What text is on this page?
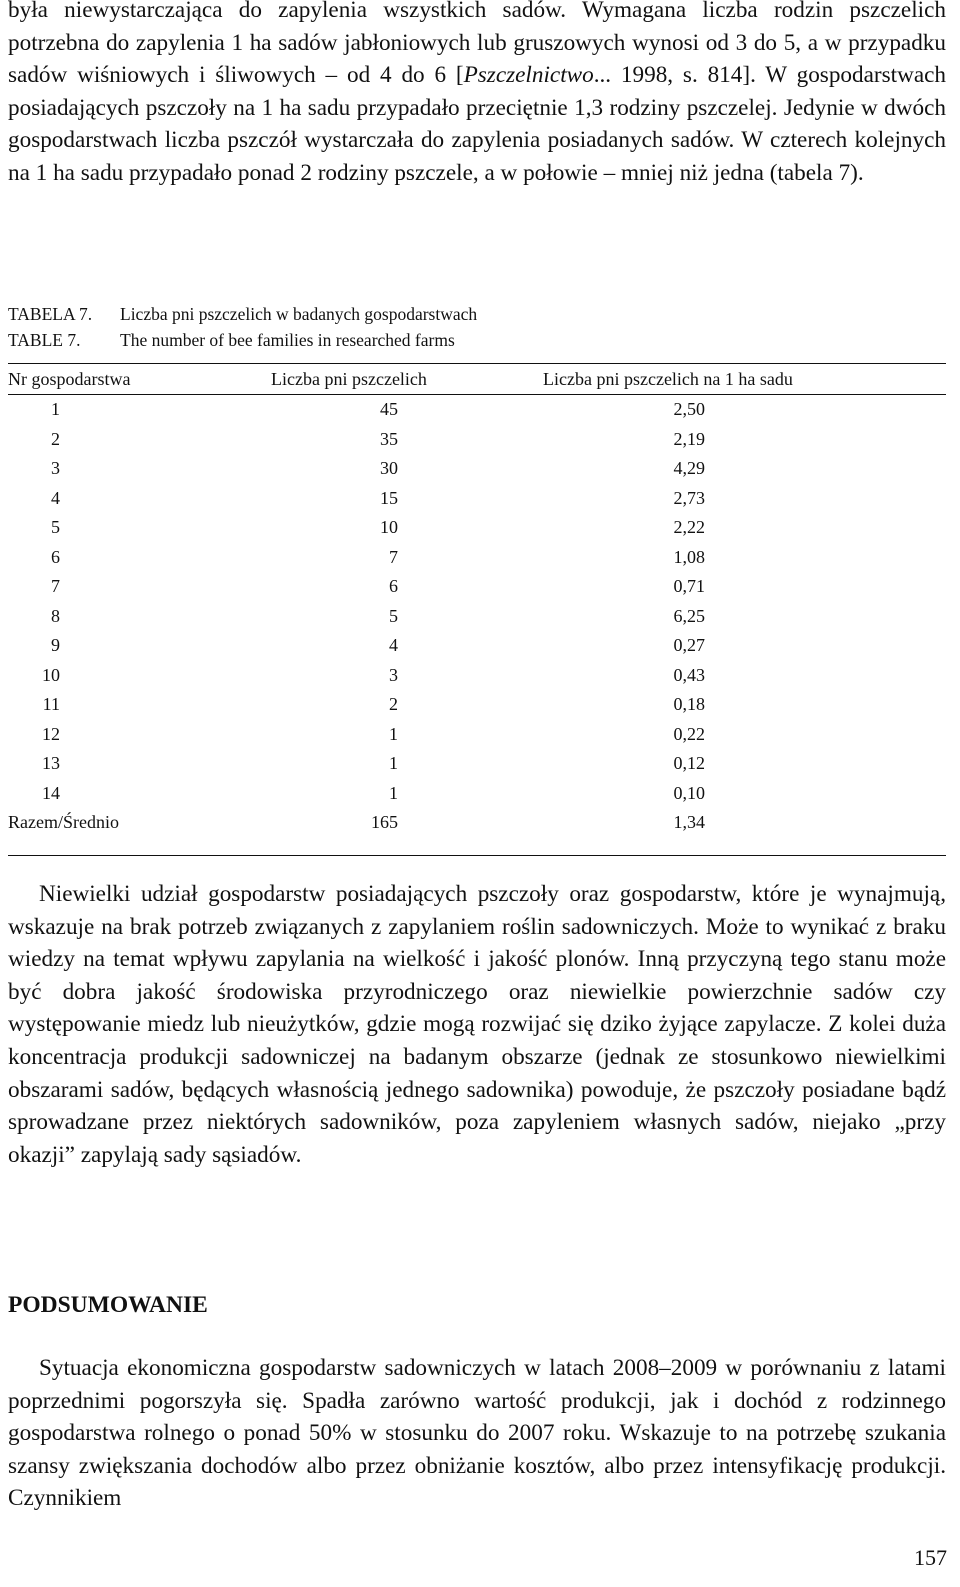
była niewystarczająca do zapylenia wszystkich sadów. Wymagana liczba rodzin pszczelich potrzebna do zapylenia 1 ha sadów jabłoniowych lub gruszowych wynosi od 3 do 5, a w przypadku sadów wiśniowych i śliwowych – od 4 do 6 [Pszczelnictwo... 1998, s. 814]. W gospodarstwach posiadających pszczoły na 1 ha sadu przypadało przeciętnie 1,3 rodziny pszczelej. Jedynie w dwóch gospodarstwach liczba pszczół wystarczała do zapylenia posiadanych sadów. W czterech kolejnych na 1 ha sadu przypadało ponad 2 rodziny pszczele, a w połowie – mniej niż jedna (tabela 7).

TABELA 7. Liczba pni pszczelich w badanych gospodarstwach
TABLE 7. The number of bee families in researched farms
Nr gospodarstwa	Liczba pni pszczelich	Liczba pni pszczelich na 1 ha sadu
1	45	2,50
2	35	2,19
3	30	4,29
4	15	2,73
5	10	2,22
6	7	1,08
7	6	0,71
8	5	6,25
9	4	0,27
10	3	0,43
11	2	0,18
12	1	0,22
13	1	0,12
14	1	0,10
Razem/Średnio	165	1,34

Niewielki udział gospodarstw posiadających pszczoły oraz gospodarstw, które je wynajmują, wskazuje na brak potrzeb związanych z zapylaniem roślin sadowniczych. Może to wynikać z braku wiedzy na temat wpływu zapylania na wielkość i jakość plonów. Inną przyczyną tego stanu może być dobra jakość środowiska przyrodniczego oraz niewielkie powierzchnie sadów czy występowanie miedz lub nieużytków, gdzie mogą rozwijać się dziko żyjące zapylacze. Z kolei duża koncentracja produkcji sadowniczej na badanym obszarze (jednak ze stosunkowo niewielkimi obszarami sadów, będących własnością jednego sadownika) powoduje, że pszczoły posiadane bądź sprowadzane przez niektórych sadowników, poza zapyleniem własnych sadów, niejako „przy okazji” zapylają sady sąsiadów.

PODSUMOWANIE

Sytuacja ekonomiczna gospodarstw sadowniczych w latach 2008–2009 w porównaniu z latami poprzednimi pogorszyła się. Spadła zarówno wartość produkcji, jak i dochód z rodzinnego gospodarstwa rolnego o ponad 50% w stosunku do 2007 roku. Wskazuje to na potrzebę szukania szansy zwiększania dochodów albo przez obniżanie kosztów, albo przez intensyfikację produkcji. Czynnikiem

157
